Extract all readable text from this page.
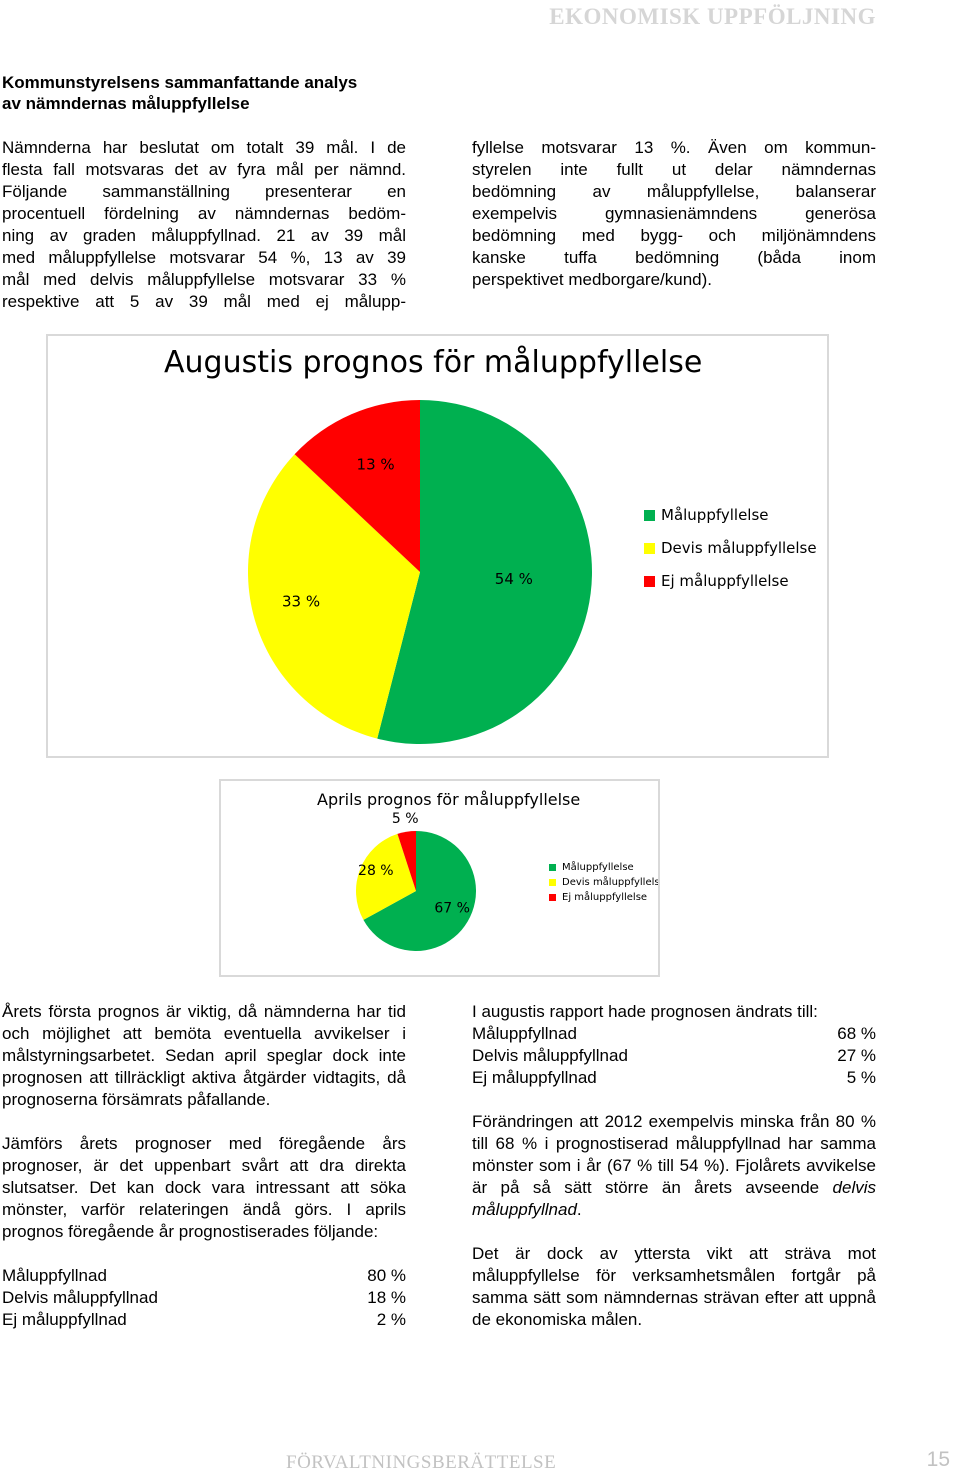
EKONOMISK UPPFÖLJNING
Kommunstyrelsens sammanfattande analys
av nämndernas måluppfyllelse
Nämnderna har beslutat om totalt 39 mål. I de
flesta fall motsvaras det av fyra mål per nämnd.
Följande sammanställning presenterar en
procentuell fördelning av nämndernas bedöm-
ning av graden måluppfyllnad. 21 av 39 mål
med måluppfyllelse motsvarar 54 %, 13 av 39
mål med delvis måluppfyllelse motsvarar 33 %
respektive att 5 av 39 mål med ej målupp-
fyllelse motsvarar 13 %. Även om kommun-
styrelen inte fullt ut delar nämndernas
bedömning av måluppfyllelse, balanserar
exempelvis gymnasienämndens generösa
bedömning med bygg- och miljönämndens
kanske tuffa bedömning (båda inom
perspektivet medborgare/kund).
Augustis prognos för måluppfyllelse
54 %
33 %
13 %
Måluppfyllelse
Devis måluppfyllelse
Ej måluppfyllelse
Aprils prognos för måluppfyllelse
67 %
28 %
5 %
Måluppfyllelse
Devis måluppfyllelse
Ej måluppfyllelse

Årets första prognos är viktig, då nämnderna har tid och möjlighet att bemöta eventuella avvikelser i målstyrningsarbetet. Sedan april speglar dock inte prognosen att tillräckligt aktiva åtgärder vidtagits, då prognoserna försämrats påfallande.

Jämförs årets prognoser med föregående års prognoser, är det uppenbart svårt att dra direkta slutsatser. Det kan dock vara intressant att söka mönster, varför relateringen ändå görs. I aprils prognos föregående år prognostiserades följande:

Måluppfyllnad	80 %
Delvis måluppfyllnad	18 %
Ej måluppfyllnad	2 %
I augustis rapport hade prognosen ändrats till:
Måluppfyllnad	68 %
Delvis måluppfyllnad	27 %
Ej måluppfyllnad	5 %

Förändringen att 2012 exempelvis minska från 80 % till 68 % i prognostiserad måluppfyllnad har samma mönster som i år (67 % till 54 %). Fjolårets avvikelse är på så sätt större än årets avseende delvis måluppfyllnad.

Det är dock av yttersta vikt att sträva mot måluppfyllelse för verksamhetsmålen fortgår på samma sätt som nämndernas strävan efter att uppnå de ekonomiska målen.

FÖRVALTNINGSBERÄTTELSE	15
